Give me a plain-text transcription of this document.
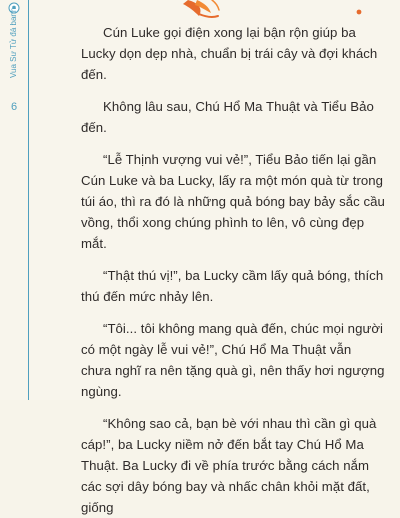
Vua Sư Tử đá banh
6

Cún Luke gọi điện xong lại bận rộn giúp ba Lucky dọn dẹp nhà, chuẩn bị trái cây và đợi khách đến.

Không lâu sau, Chú Hổ Ma Thuật và Tiểu Bảo đến.

“Lễ Thịnh vượng vui vẻ!”, Tiểu Bảo tiến lại gần Cún Luke và ba Lucky, lấy ra một món quà từ trong túi áo, thì ra đó là những quả bóng bay bảy sắc cầu vồng, thổi xong chúng phình to lên, vô cùng đẹp mắt.

“Thật thú vị!”, ba Lucky cầm lấy quả bóng, thích thú đến mức nhảy lên.

“Tôi... tôi không mang quà đến, chúc mọi người có một ngày lễ vui vẻ!”, Chú Hổ Ma Thuật vẫn chưa nghĩ ra nên tặng quà gì, nên thấy hơi ngượng ngùng.

“Không sao cả, bạn bè với nhau thì cần gì quà cáp!”, ba Lucky niềm nở đến bắt tay Chú Hổ Ma Thuật. Ba Lucky đi về phía trước bằng cách nắm các sợi dây bóng bay và nhấc chân khỏi mặt đất, giống
